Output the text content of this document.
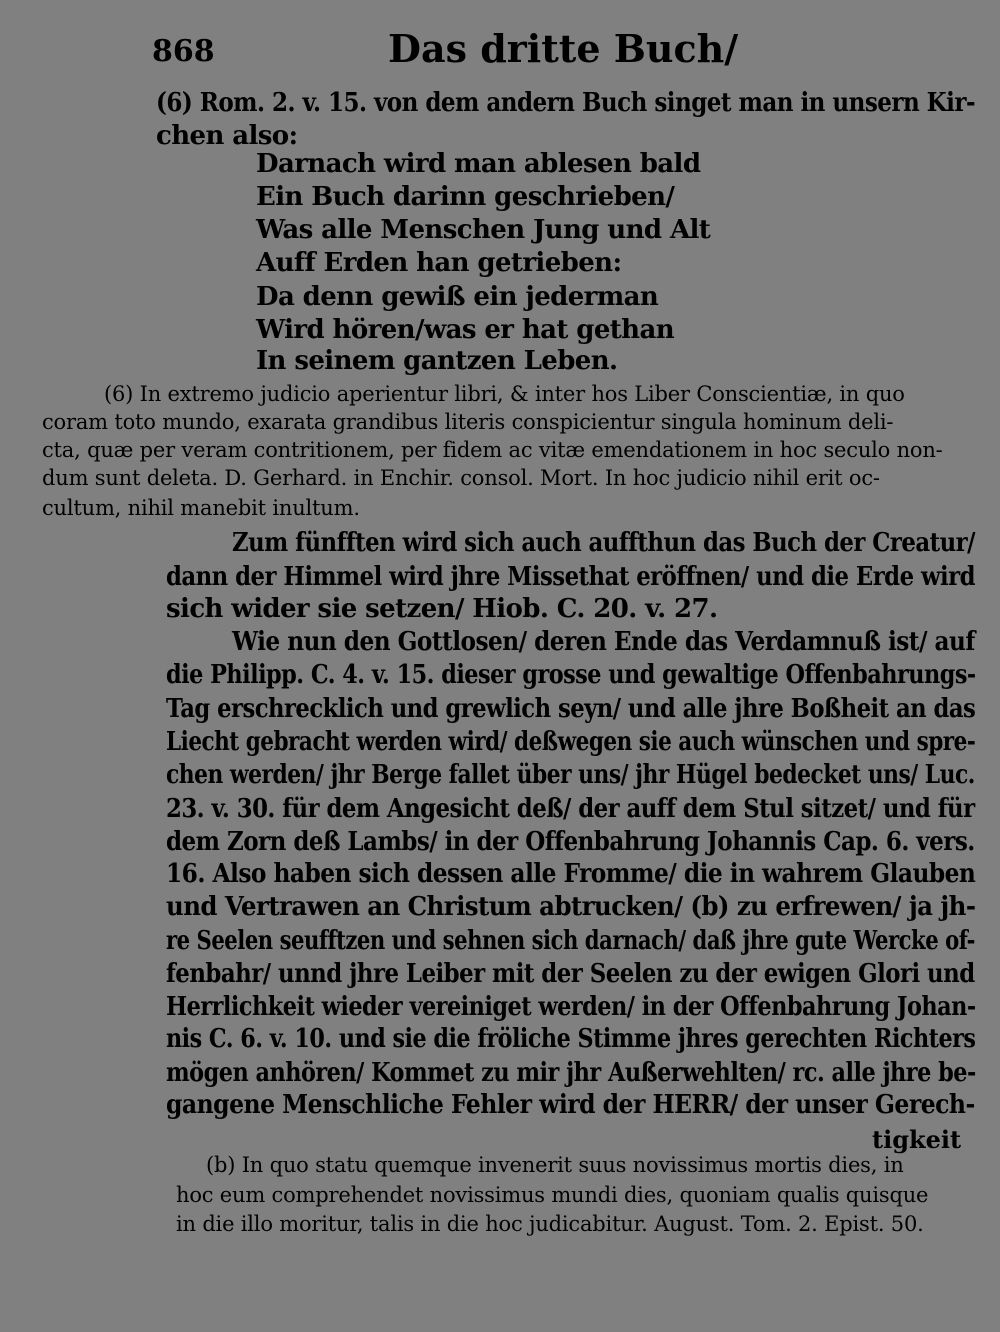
868	Das dritte Buch/
(6) Rom. 2. v. 15. von dem andern Buch singet man in unsern Kir-
chen also:
Darnach wird man ablesen bald
Ein Buch darinn geschrieben/
Was alle Menschen Jung und Alt
Auff Erden han getrieben:
Da denn gewiß ein jederman
Wird hören/was er hat gethan
In seinem gantzen Leben.
(6) In extremo judicio aperientur libri, & inter hos Liber Conscientiæ, in quo
coram toto mundo, exarata grandibus literis conspicientur singula hominum deli-
cta, quæ per veram contritionem, per fidem ac vitæ emendationem in hoc seculo non-
dum sunt deleta. D. Gerhard. in Enchir. consol. Mort. In hoc judicio nihil erit oc-
cultum, nihil manebit inultum.
Zum fünfften wird sich auch auffthun das Buch der Creatur/
dann der Himmel wird jhre Missethat eröffnen/ und die Erde wird
sich wider sie setzen/ Hiob. C. 20. v. 27.
Wie nun den Gottlosen/ deren Ende das Verdamnuß ist/ auf
die Philipp. C. 4. v. 15. dieser grosse und gewaltige Offenbahrungs-
Tag erschrecklich und grewlich seyn/ und alle jhre Boßheit an das
Liecht gebracht werden wird/ deßwegen sie auch wünschen und spre-
chen werden/ jhr Berge fallet über uns/ jhr Hügel bedecket uns/ Luc.
23. v. 30. für dem Angesicht deß/ der auff dem Stul sitzet/ und für
dem Zorn deß Lambs/ in der Offenbahrung Johannis Cap. 6. vers.
16. Also haben sich dessen alle Fromme/ die in wahrem Glauben
und Vertrawen an Christum abtrucken/ (b) zu erfrewen/ ja jh-
re Seelen seufftzen und sehnen sich darnach/ daß jhre gute Wercke of-
fenbahr/ unnd jhre Leiber mit der Seelen zu der ewigen Glori und
Herrlichkeit wieder vereiniget werden/ in der Offenbahrung Johan-
nis C. 6. v. 10. und sie die fröliche Stimme jhres gerechten Richters
mögen anhören/ Kommet zu mir jhr Außerwehlten/ rc. alle jhre be-
gangene Menschliche Fehler wird der HERR/ der unser Gerech-
tigkeit
(b) In quo statu quemque invenerit suus novissimus mortis dies, in
hoc eum comprehendet novissimus mundi dies, quoniam qualis quisque
in die illo moritur, talis in die hoc judicabitur. August. Tom. 2. Epist. 50.
